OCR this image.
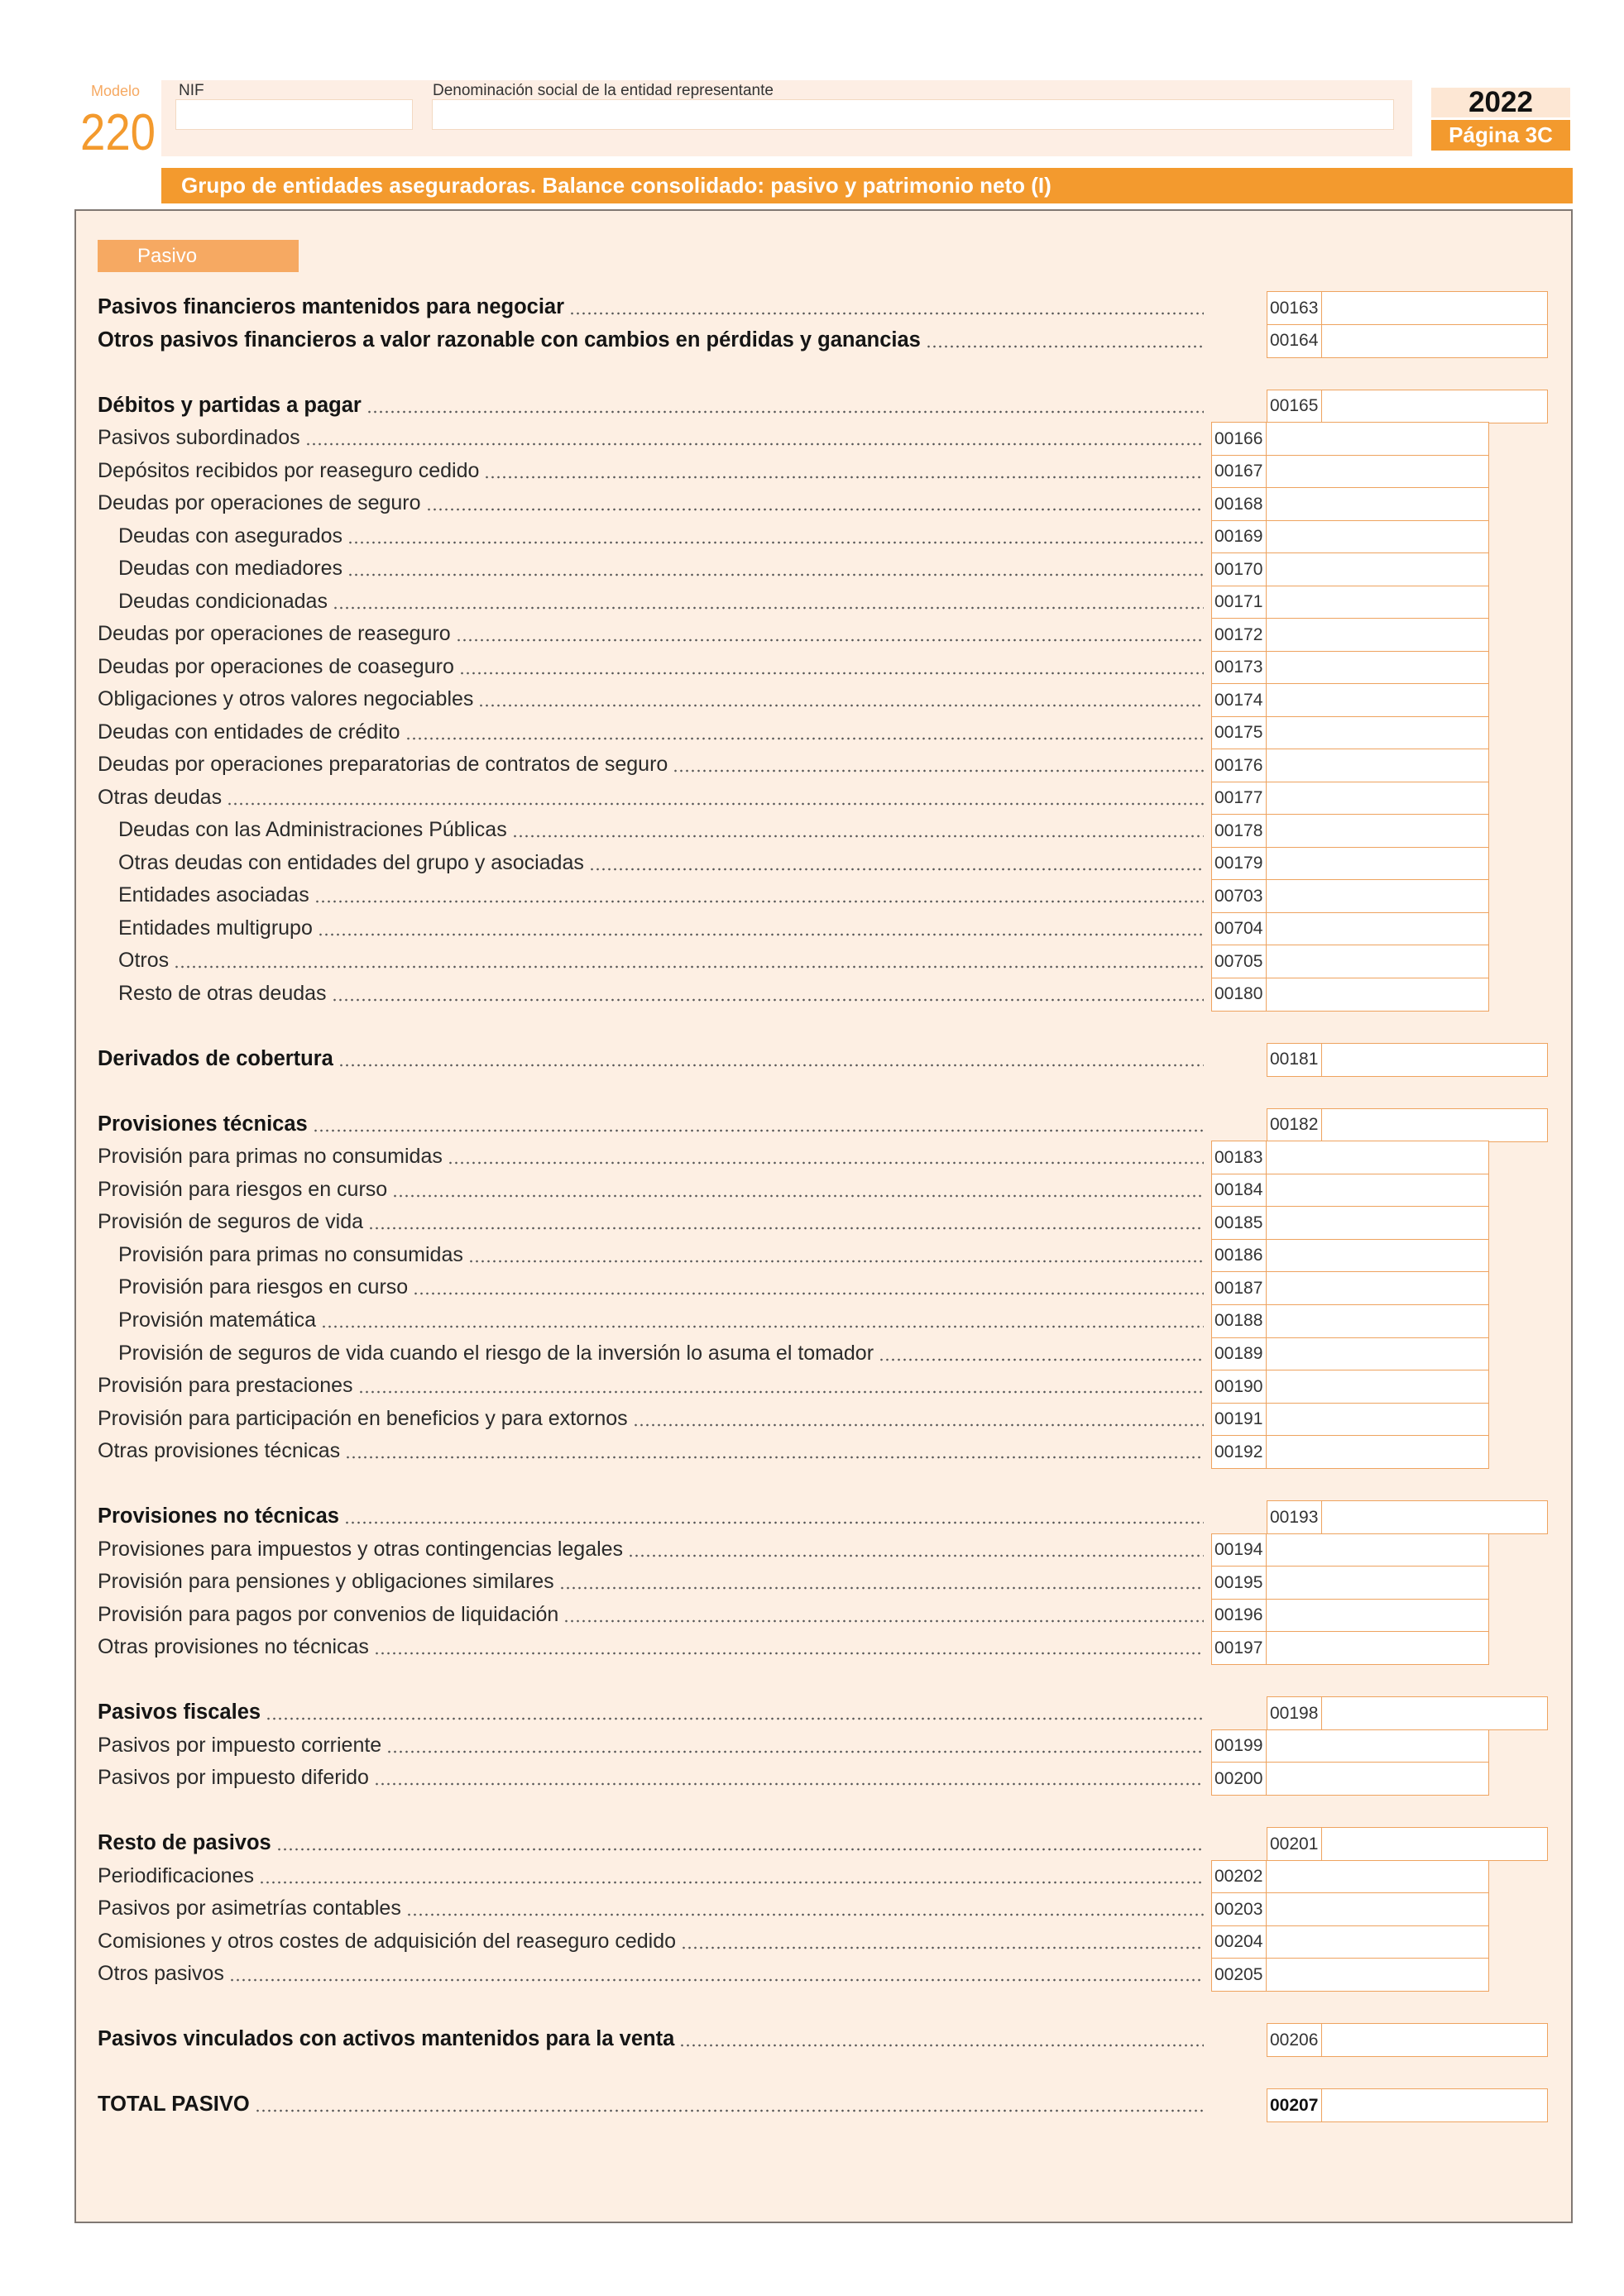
Modelo
220
NIF	Denominación social de la entidad representante	2022
Página 3C
Grupo de entidades aseguradoras. Balance consolidado: pasivo y patrimonio neto (I)
Pasivo
Pasivos financieros mantenidos para negociar	00163
Otros pasivos financieros a valor razonable con cambios en pérdidas y ganancias	00164
Débitos y partidas a pagar	00165
Pasivos subordinados	00166
Depósitos recibidos por reaseguro cedido	00167
Deudas por operaciones de seguro	00168
Deudas con asegurados	00169
Deudas con mediadores	00170
Deudas condicionadas	00171
Deudas por operaciones de reaseguro	00172
Deudas por operaciones de coaseguro	00173
Obligaciones y otros valores negociables	00174
Deudas con entidades de crédito	00175
Deudas por operaciones preparatorias de contratos de seguro	00176
Otras deudas	00177
Deudas con las Administraciones Públicas	00178
Otras deudas con entidades del grupo y asociadas	00179
Entidades asociadas	00703
Entidades multigrupo	00704
Otros	00705
Resto de otras deudas	00180
Derivados de cobertura	00181
Provisiones técnicas	00182
Provisión para primas no consumidas	00183
Provisión para riesgos en curso	00184
Provisión de seguros de vida	00185
Provisión para primas no consumidas	00186
Provisión para riesgos en curso	00187
Provisión matemática	00188
Provisión de seguros de vida cuando el riesgo de la inversión lo asuma el tomador	00189
Provisión para prestaciones	00190
Provisión para participación en beneficios y para extornos	00191
Otras provisiones técnicas	00192
Provisiones no técnicas	00193
Provisiones para impuestos y otras contingencias legales	00194
Provisión para pensiones y obligaciones similares	00195
Provisión para pagos por convenios de liquidación	00196
Otras provisiones no técnicas	00197
Pasivos fiscales	00198
Pasivos por impuesto corriente	00199
Pasivos por impuesto diferido	00200
Resto de pasivos	00201
Periodificaciones	00202
Pasivos por asimetrías contables	00203
Comisiones y otros costes de adquisición del reaseguro cedido	00204
Otros pasivos	00205
Pasivos vinculados con activos mantenidos para la venta	00206
TOTAL PASIVO	00207
